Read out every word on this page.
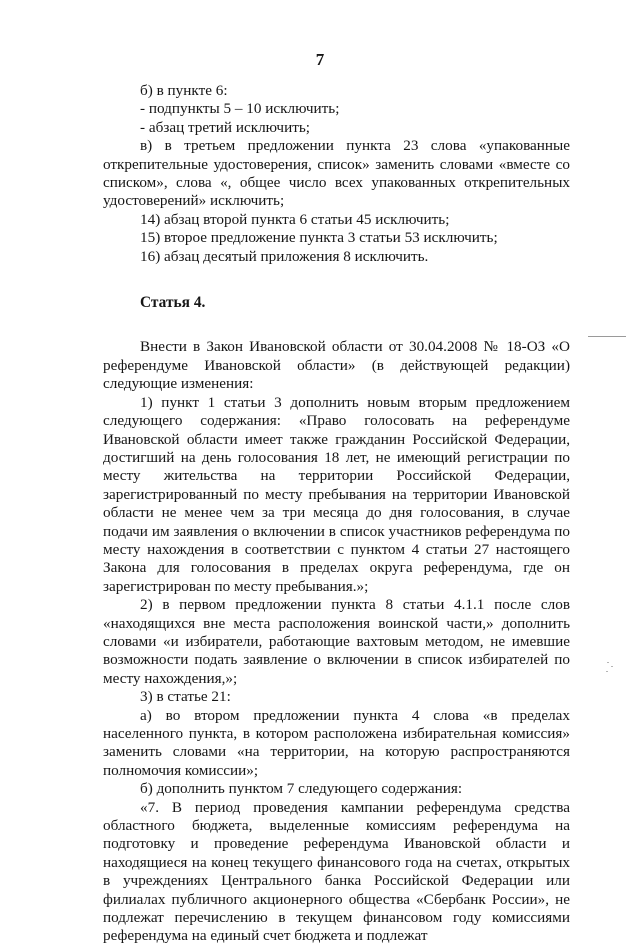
7

б) в пункте 6:

- подпункты 5 – 10 исключить;

- абзац третий исключить;

в) в третьем предложении пункта 23 слова «упакованные открепительные удостоверения, список» заменить словами «вместе со списком», слова «, общее число всех упакованных открепительных удостоверений» исключить;

14) абзац второй пункта 6 статьи 45 исключить;

15) второе предложение пункта 3 статьи 53 исключить;

16) абзац десятый приложения 8 исключить.

Статья 4.

Внести в Закон Ивановской области от 30.04.2008 № 18-ОЗ «О референдуме Ивановской области» (в действующей редакции) следующие изменения:

1) пункт 1 статьи 3 дополнить новым вторым предложением следующего содержания: «Право голосовать на референдуме Ивановской области имеет также гражданин Российской Федерации, достигший на день голосования 18 лет, не имеющий регистрации по месту жительства на территории Российской Федерации, зарегистрированный по месту пребывания на территории Ивановской области не менее чем за три месяца до дня голосования, в случае подачи им заявления о включении в список участников референдума по месту нахождения в соответствии с пунктом 4 статьи 27 настоящего Закона для голосования в пределах округа референдума, где он зарегистрирован по месту пребывания.»;

2) в первом предложении пункта 8 статьи 4.1.1 после слов «находящихся вне места расположения воинской части,» дополнить словами «и избиратели, работающие вахтовым методом, не имевшие возможности подать заявление о включении в список избирателей по месту нахождения,»;

3) в статье 21:

а) во втором предложении пункта 4 слова «в пределах населенного пункта, в котором расположена избирательная комиссия» заменить словами «на территории, на которую распространяются полномочия комиссии»;

б) дополнить пунктом 7 следующего содержания:

«7. В период проведения кампании референдума средства областного бюджета, выделенные комиссиям референдума на подготовку и проведение референдума Ивановской области и находящиеся на конец текущего финансового года на счетах, открытых в учреждениях Центрального банка Российской Федерации или филиалах публичного акционерного общества «Сбербанк России», не подлежат перечислению в текущем финансовом году комиссиями референдума на единый счет бюджета и подлежат
